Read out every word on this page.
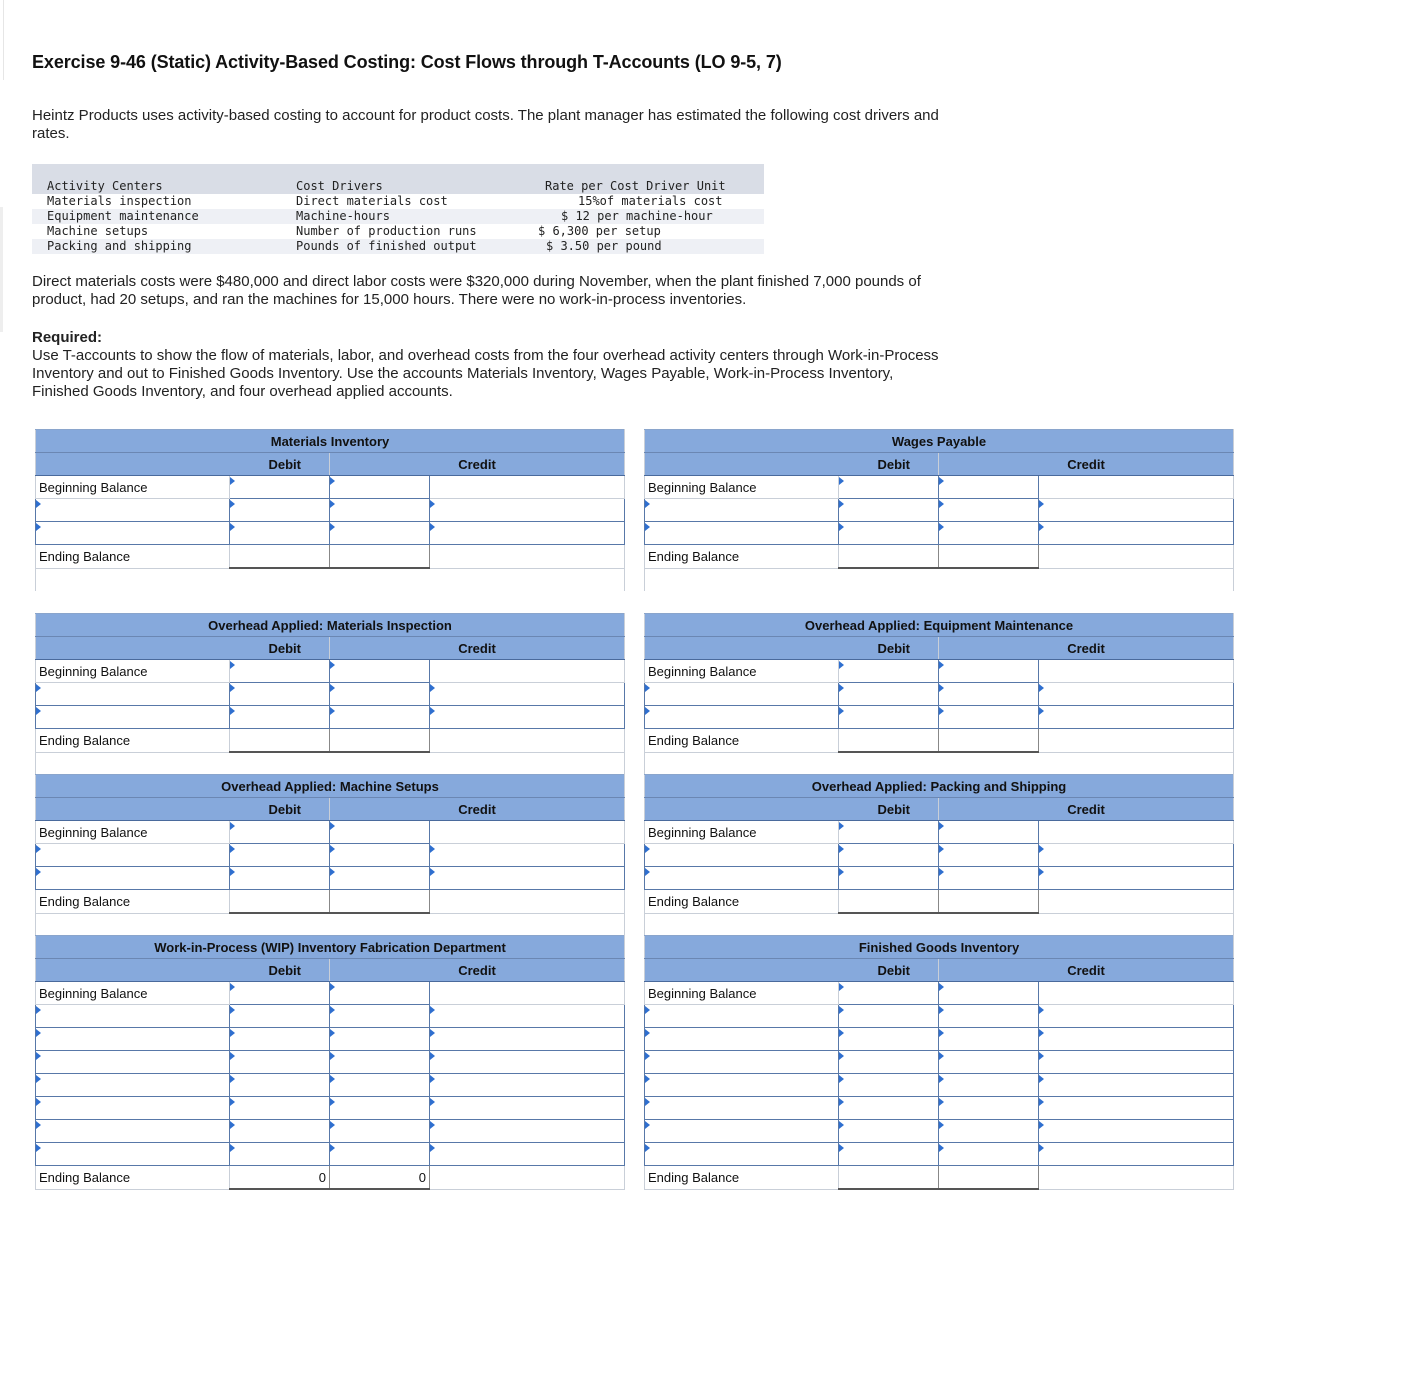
Exercise 9-46 (Static) Activity-Based Costing: Cost Flows through T-Accounts (LO 9-5, 7)

Heintz Products uses activity-based costing to account for product costs. The plant manager has estimated the following cost drivers and rates.

Activity Centers	Cost Drivers	Rate per Cost Driver Unit
Materials inspection	Direct materials cost	15%of materials cost
Equipment maintenance	Machine-hours	$ 12 per machine-hour
Machine setups	Number of production runs	$ 6,300 per setup
Packing and shipping	Pounds of finished output	$ 3.50 per pound

Direct materials costs were $480,000 and direct labor costs were $320,000 during November, when the plant finished 7,000 pounds of product, had 20 setups, and ran the machines for 15,000 hours. There were no work-in-process inventories.

Required:

Use T-accounts to show the flow of materials, labor, and overhead costs from the four overhead activity centers through Work-in-Process Inventory and out to Finished Goods Inventory. Use the accounts Materials Inventory, Wages Payable, Work-in-Process Inventory, Finished Goods Inventory, and four overhead applied accounts.

Materials Inventory			
Debit		Credit	
Beginning Balance			

Ending Balance			

Wages Payable			
Debit		Credit	
Beginning Balance			

Ending Balance			

Overhead Applied: Materials Inspection			
Debit		Credit	
Beginning Balance			

Ending Balance			

Overhead Applied: Equipment Maintenance			
Debit		Credit	
Beginning Balance			

Ending Balance			

Overhead Applied: Machine Setups			
Debit		Credit	
Beginning Balance			

Ending Balance			

Overhead Applied: Packing and Shipping			
Debit		Credit	
Beginning Balance			

Ending Balance			

Work-in-Process (WIP) Inventory Fabrication Department			
Debit		Credit	
Beginning Balance			

Ending Balance	0	0	
Finished Goods Inventory			
Debit		Credit	
Beginning Balance			

Ending Balance			
